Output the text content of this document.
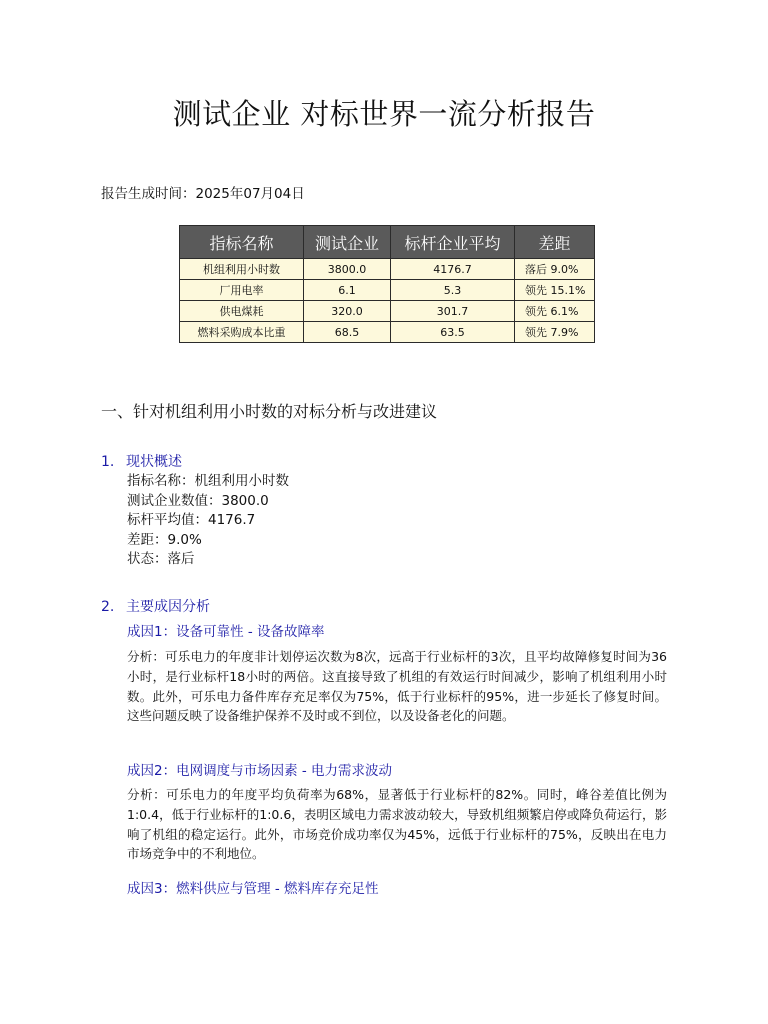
测试企业 对标世界一流分析报告
报告生成时间：2025年07月04日
指标名称	测试企业	标杆企业平均	差距
机组利用小时数	3800.0	4176.7	落后 9.0%
厂用电率	6.1	5.3	领先 15.1%
供电煤耗	320.0	301.7	领先 6.1%
燃料采购成本比重	68.5	63.5	领先 7.9%
一、针对机组利用小时数的对标分析与改进建议
1. 现状概述
指标名称：机组利用小时数
测试企业数值：3800.0
标杆平均值：4176.7
差距：9.0%
状态：落后
2. 主要成因分析
成因1：设备可靠性 - 设备故障率
分析：可乐电力的年度非计划停运次数为8次，远高于行业标杆的3次，且平均故障修复时间为36小时，是行业标杆18小时的两倍。这直接导致了机组的有效运行时间减少，影响了机组利用小时数。此外，可乐电力备件库存充足率仅为75%，低于行业标杆的95%，进一步延长了修复时间。这些问题反映了设备维护保养不及时或不到位，以及设备老化的问题。
成因2：电网调度与市场因素 - 电力需求波动
分析：可乐电力的年度平均负荷率为68%，显著低于行业标杆的82%。同时，峰谷差值比例为1:0.4，低于行业标杆的1:0.6，表明区域电力需求波动较大，导致机组频繁启停或降负荷运行，影响了机组的稳定运行。此外，市场竞价成功率仅为45%，远低于行业标杆的75%，反映出在电力市场竞争中的不利地位。
成因3：燃料供应与管理 - 燃料库存充足性
